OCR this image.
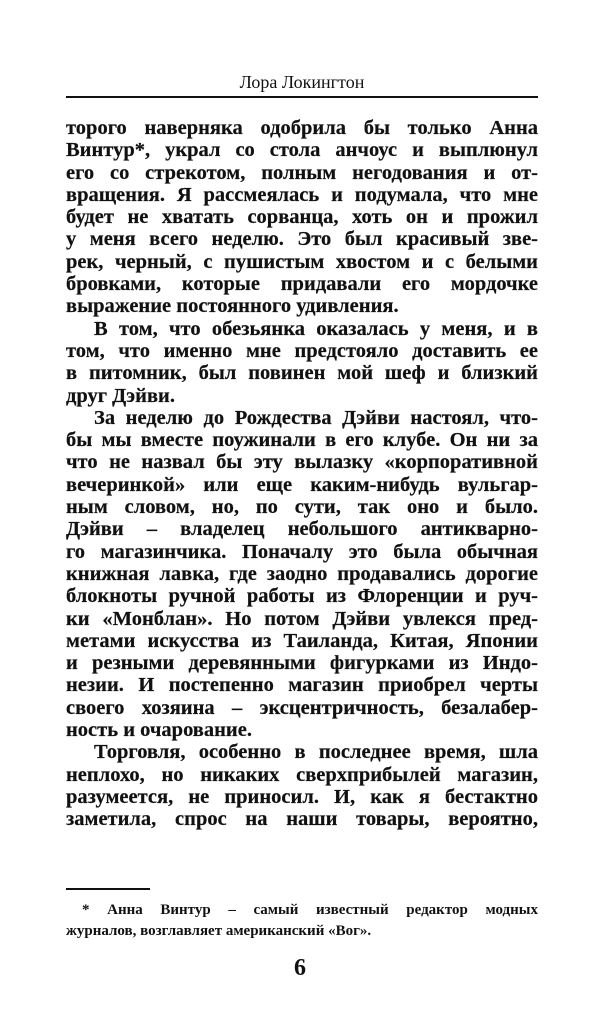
Лора Локингтон
торого наверняка одобрила бы только Анна
Винтур*, украл со стола анчоус и выплюнул
его со стрекотом, полным негодования и от-
вращения. Я рассмеялась и подумала, что мне
будет не хватать сорванца, хоть он и прожил
у меня всего неделю. Это был красивый зве-
рек, черный, с пушистым хвостом и с белыми
бровками, которые придавали его мордочке
выражение постоянного удивления.
В том, что обезьянка оказалась у меня, и в
том, что именно мне предстояло доставить ее
в питомник, был повинен мой шеф и близкий
друг Дэйви.
За неделю до Рождества Дэйви настоял, что-
бы мы вместе поужинали в его клубе. Он ни за
что не назвал бы эту вылазку «корпоративной
вечеринкой» или еще каким-нибудь вульгар-
ным словом, но, по сути, так оно и было.
Дэйви – владелец небольшого антикварно-
го магазинчика. Поначалу это была обычная
книжная лавка, где заодно продавались дорогие
блокноты ручной работы из Флоренции и руч-
ки «Монблан». Но потом Дэйви увлекся пред-
метами искусства из Таиланда, Китая, Японии
и резными деревянными фигурками из Индо-
незии. И постепенно магазин приобрел черты
своего хозяина – эксцентричность, безалабер-
ность и очарование.
Торговля, особенно в последнее время, шла
неплохо, но никаких сверхприбылей магазин,
разумеется, не приносил. И, как я бестактно
заметила, спрос на наши товары, вероятно,
* Анна Винтур – самый известный редактор модных
журналов, возглавляет американский «Вог».
6
